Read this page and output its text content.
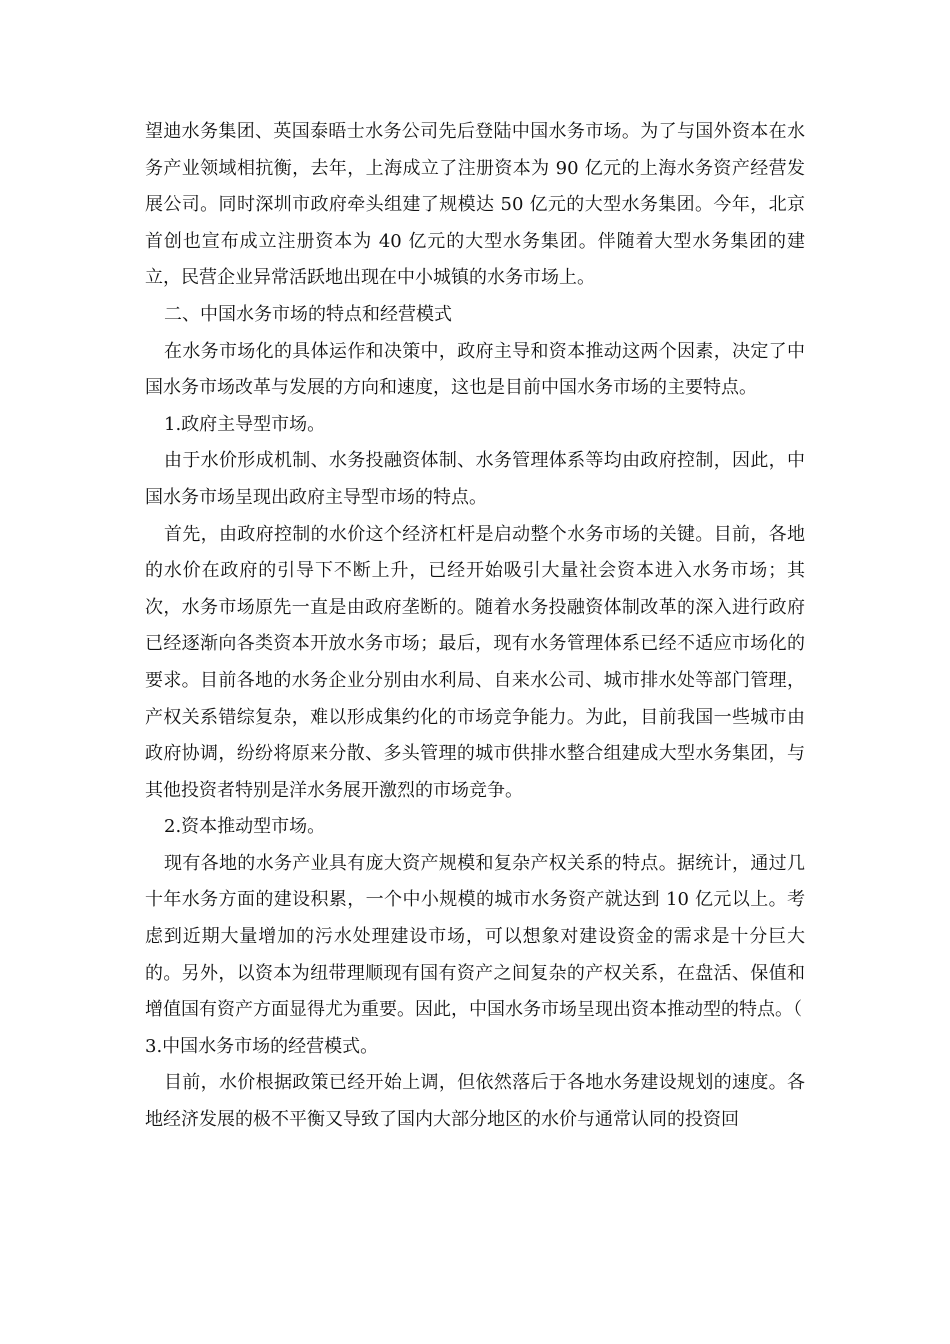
望迪水务集团、英国泰晤士水务公司先后登陆中国水务市场。为了与国外资本在水务产业领域相抗衡，去年，上海成立了注册资本为 90 亿元的上海水务资产经营发展公司。同时深圳市政府牵头组建了规模达 50 亿元的大型水务集团。今年，北京首创也宣布成立注册资本为 40 亿元的大型水务集团。伴随着大型水务集团的建立，民营企业异常活跃地出现在中小城镇的水务市场上。

二、中国水务市场的特点和经营模式

在水务市场化的具体运作和决策中，政府主导和资本推动这两个因素，决定了中国水务市场改革与发展的方向和速度，这也是目前中国水务市场的主要特点。

1.政府主导型市场。

由于水价形成机制、水务投融资体制、水务管理体系等均由政府控制，因此，中国水务市场呈现出政府主导型市场的特点。

首先，由政府控制的水价这个经济杠杆是启动整个水务市场的关键。目前，各地的水价在政府的引导下不断上升，已经开始吸引大量社会资本进入水务市场；其次，水务市场原先一直是由政府垄断的。随着水务投融资体制改革的深入进行政府已经逐渐向各类资本开放水务市场；最后，现有水务管理体系已经不适应市场化的要求。目前各地的水务企业分别由水利局、自来水公司、城市排水处等部门管理，产权关系错综复杂，难以形成集约化的市场竞争能力。为此，目前我国一些城市由政府协调，纷纷将原来分散、多头管理的城市供排水整合组建成大型水务集团，与其他投资者特别是洋水务展开激烈的市场竞争。

2.资本推动型市场。

现有各地的水务产业具有庞大资产规模和复杂产权关系的特点。据统计，通过几十年水务方面的建设积累，一个中小规模的城市水务资产就达到 10 亿元以上。考虑到近期大量增加的污水处理建设市场，可以想象对建设资金的需求是十分巨大的。另外，以资本为纽带理顺现有国有资产之间复杂的产权关系，在盘活、保值和增值国有资产方面显得尤为重要。因此，中国水务市场呈现出资本推动型的特点。（

3.中国水务市场的经营模式。

目前，水价根据政策已经开始上调，但依然落后于各地水务建设规划的速度。各地经济发展的极不平衡又导致了国内大部分地区的水价与通常认同的投资回
